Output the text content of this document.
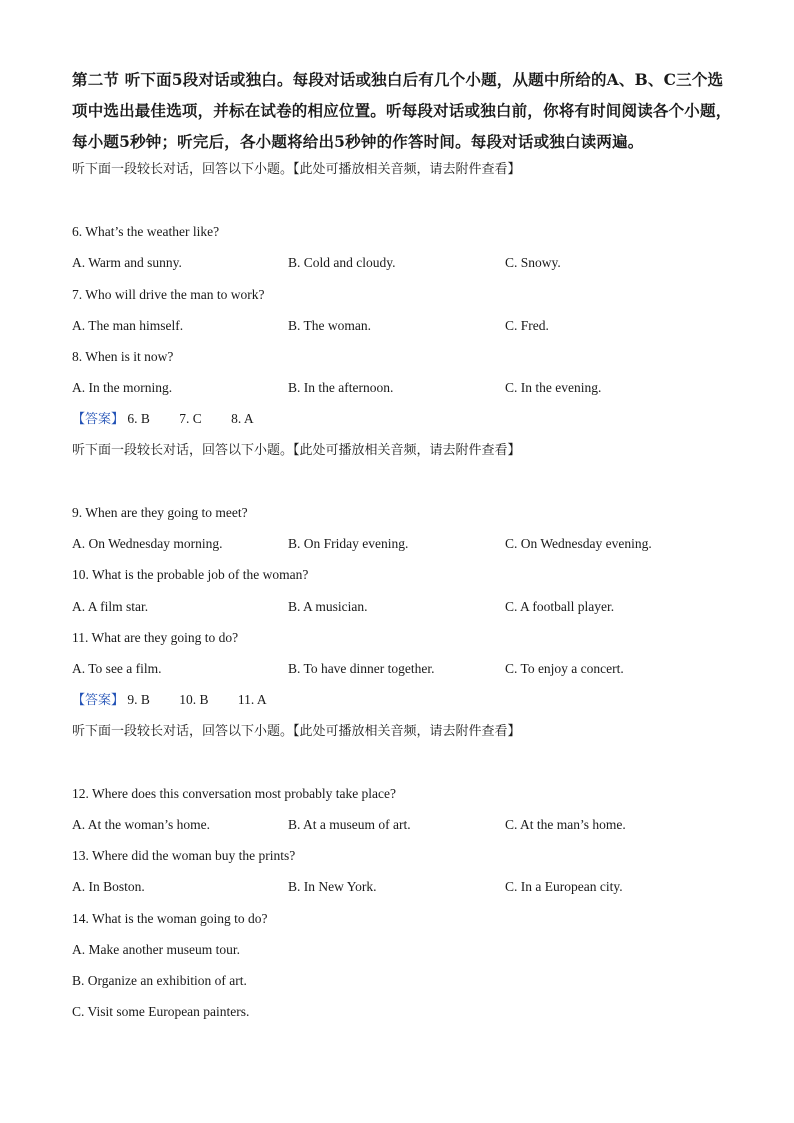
第二节 听下面5段对话或独白。每段对话或独白后有几个小题，从题中所给的A、B、C三个选项中选出最佳选项，并标在试卷的相应位置。听每段对话或独白前，你将有时间阅读各个小题，每小题5秒钟；听完后，各小题将给出5秒钟的作答时间。每段对话或独白读两遍。
听下面一段较长对话，回答以下小题。【此处可播放相关音频，请去附件查看】
6. What’s the weather like?
A. Warm and sunny.	B. Cold and cloudy.	C. Snowy.
7. Who will drive the man to work?
A. The man himself.	B. The woman.	C. Fred.
8. When is it now?
A. In the morning.	B. In the afternoon.	C. In the evening.
【答案】 6. B 7. C 8. A
听下面一段较长对话，回答以下小题。【此处可播放相关音频，请去附件查看】
9. When are they going to meet?
A. On Wednesday morning.	B. On Friday evening.	C. On Wednesday evening.
10. What is the probable job of the woman?
A. A film star.	B. A musician.	C. A football player.
11. What are they going to do?
A. To see a film.	B. To have dinner together.	C. To enjoy a concert.
【答案】 9. B 10. B 11. A
听下面一段较长对话，回答以下小题。【此处可播放相关音频，请去附件查看】
12. Where does this conversation most probably take place?
A. At the woman’s home.	B. At a museum of art.	C. At the man’s home.
13. Where did the woman buy the prints?
A. In Boston.	B. In New York.	C. In a European city.
14. What is the woman going to do?
A. Make another museum tour.
B. Organize an exhibition of art.
C. Visit some European painters.
